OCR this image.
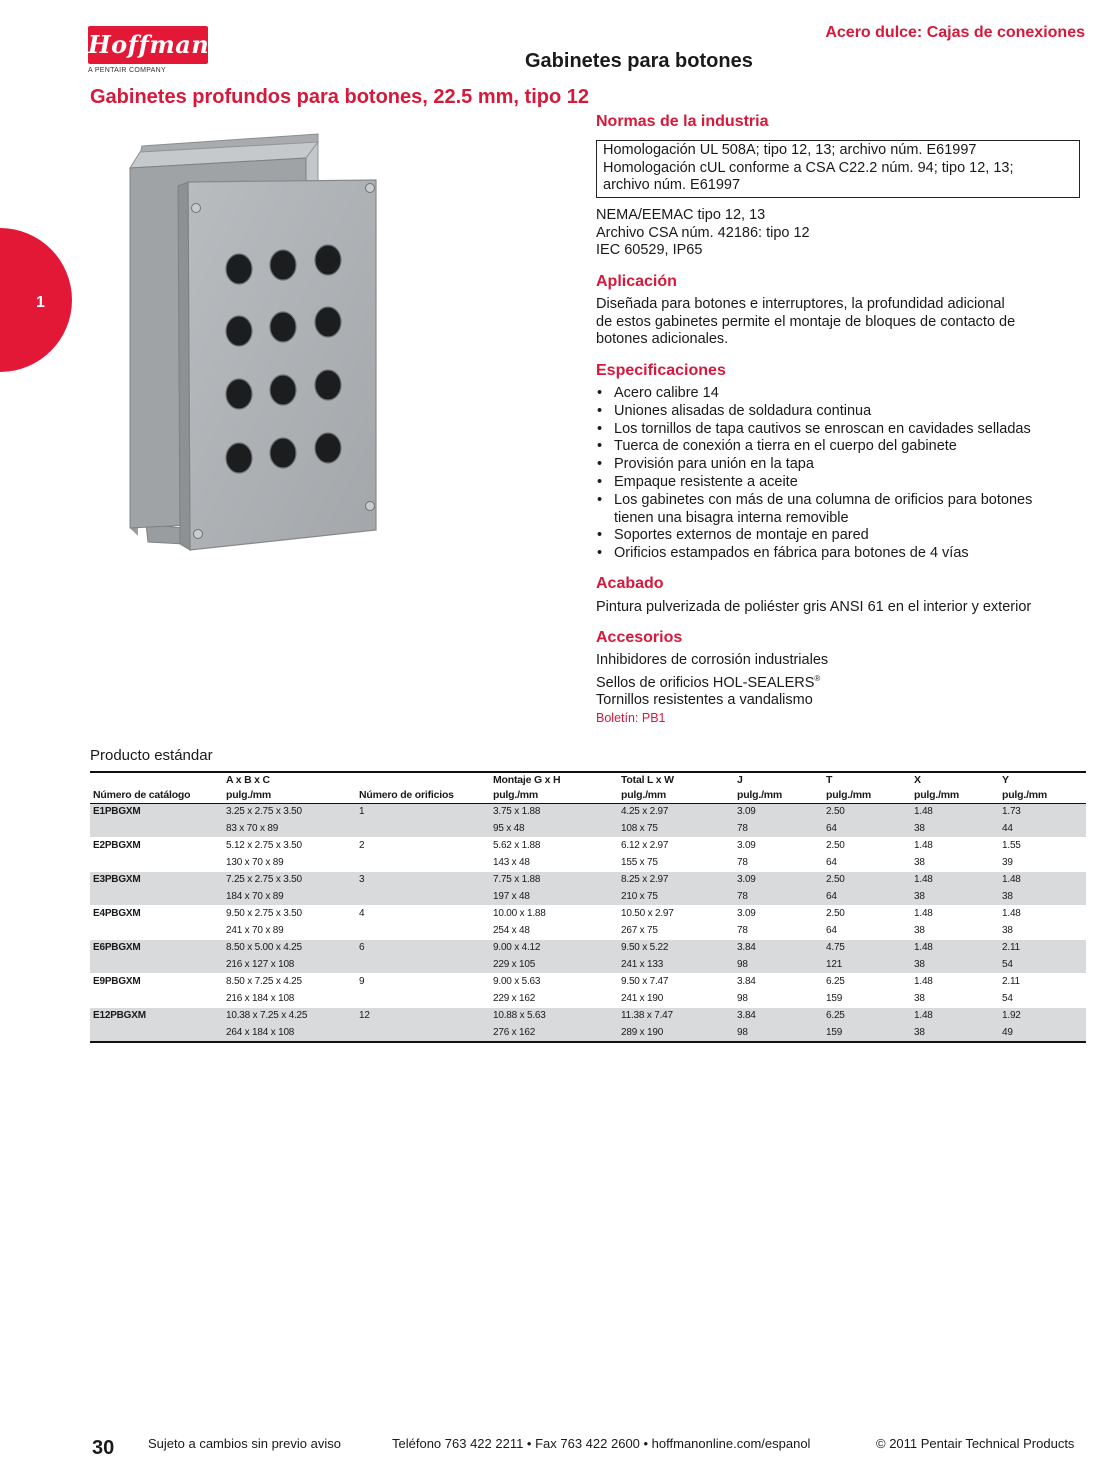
Hoffman®
A PENTAIR COMPANY
Acero dulce: Cajas de conexiones
Gabinetes para botones
Gabinetes profundos para botones, 22.5 mm, tipo 12
1
Normas de la industria
Homologación UL 508A; tipo 12, 13; archivo núm. E61997
Homologación cUL conforme a CSA C22.2 núm. 94; tipo 12, 13;
archivo núm. E61997
NEMA/EEMAC tipo 12, 13
Archivo CSA núm. 42186: tipo 12
IEC 60529, IP65
Aplicación
Diseñada para botones e interruptores, la profundidad adicional
de estos gabinetes permite el montaje de bloques de contacto de
botones adicionales.
Especificaciones
• Acero calibre 14
• Uniones alisadas de soldadura continua
• Los tornillos de tapa cautivos se enroscan en cavidades selladas
• Tuerca de conexión a tierra en el cuerpo del gabinete
• Provisión para unión en la tapa
• Empaque resistente a aceite
• Los gabinetes con más de una columna de orificios para botones tienen una bisagra interna removible
• Soportes externos de montaje en pared
• Orificios estampados en fábrica para botones de 4 vías
Acabado
Pintura pulverizada de poliéster gris ANSI 61 en el interior y exterior
Accesorios
Inhibidores de corrosión industriales
Sellos de orificios HOL-SEALERS®
Tornillos resistentes a vandalismo
Boletín: PB1
Producto estándar
	A x B x C		Montaje G x H	Total L x W	J	T	X	Y
Número de catálogo	pulg./mm	Número de orificios	pulg./mm	pulg./mm	pulg./mm	pulg./mm	pulg./mm	pulg./mm
E1PBGXM	3.25 x 2.75 x 3.50	1	3.75 x 1.88	4.25 x 2.97	3.09	2.50	1.48	1.73
	83 x 70 x 89		95 x 48	108 x 75	78	64	38	44
E2PBGXM	5.12 x 2.75 x 3.50	2	5.62 x 1.88	6.12 x 2.97	3.09	2.50	1.48	1.55
	130 x 70 x 89		143 x 48	155 x 75	78	64	38	39
E3PBGXM	7.25 x 2.75 x 3.50	3	7.75 x 1.88	8.25 x 2.97	3.09	2.50	1.48	1.48
	184 x 70 x 89		197 x 48	210 x 75	78	64	38	38
E4PBGXM	9.50 x 2.75 x 3.50	4	10.00 x 1.88	10.50 x 2.97	3.09	2.50	1.48	1.48
	241 x 70 x 89		254 x 48	267 x 75	78	64	38	38
E6PBGXM	8.50 x 5.00 x 4.25	6	9.00 x 4.12	9.50 x 5.22	3.84	4.75	1.48	2.11
	216 x 127 x 108		229 x 105	241 x 133	98	121	38	54
E9PBGXM	8.50 x 7.25 x 4.25	9	9.00 x 5.63	9.50 x 7.47	3.84	6.25	1.48	2.11
	216 x 184 x 108		229 x 162	241 x 190	98	159	38	54
E12PBGXM	10.38 x 7.25 x 4.25	12	10.88 x 5.63	11.38 x 7.47	3.84	6.25	1.48	1.92
	264 x 184 x 108		276 x 162	289 x 190	98	159	38	49
30	Sujeto a cambios sin previo aviso	Teléfono 763 422 2211 • Fax 763 422 2600 • hoffmanonline.com/espanol	© 2011 Pentair Technical Products
